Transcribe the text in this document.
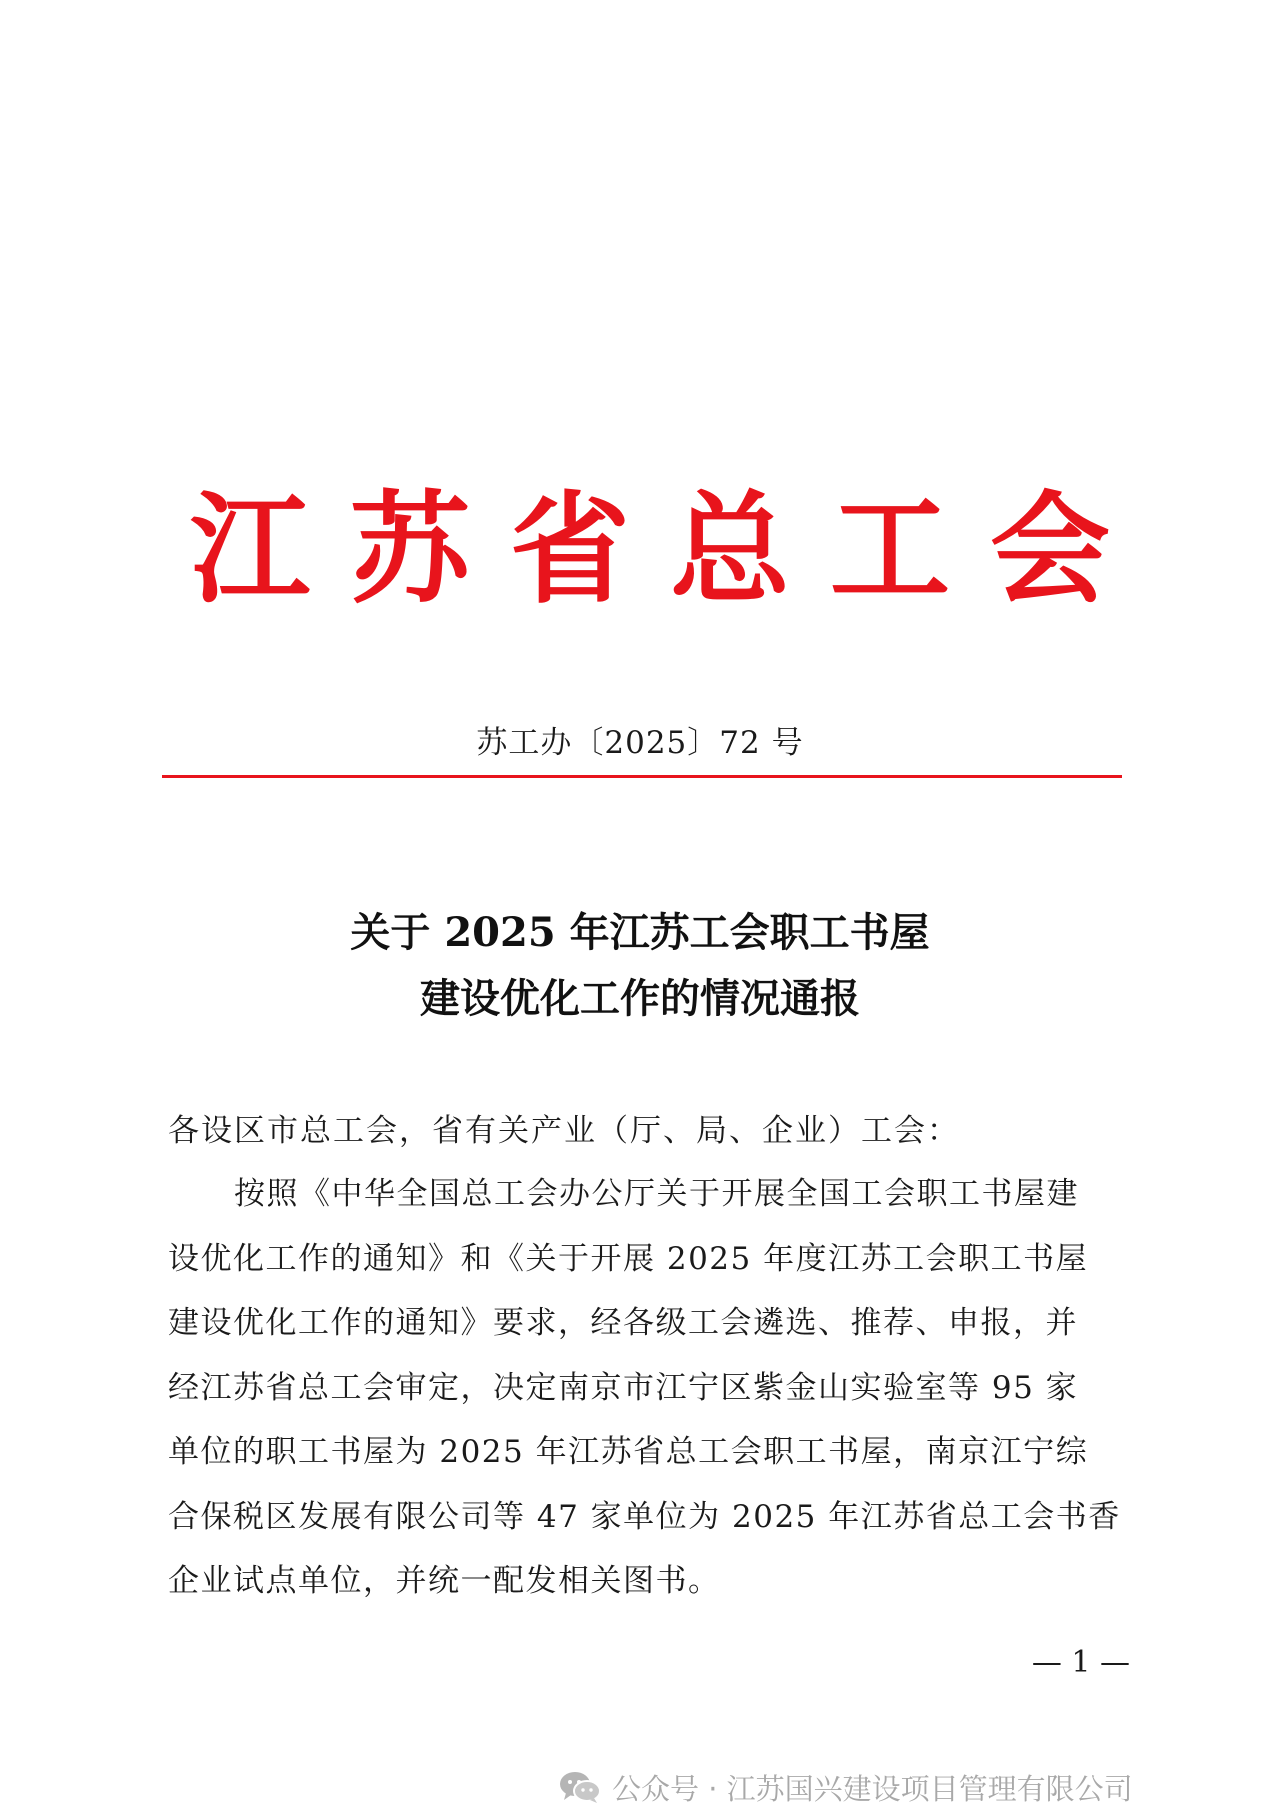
江 苏 省 总 工 会
苏工办〔2025〕72 号
关于 2025 年江苏工会职工书屋
建设优化工作的情况通报
各设区市总工会，省有关产业（厅、局、企业）工会：
按照《中华全国总工会办公厅关于开展全国工会职工书屋建
设优化工作的通知》和《关于开展 2025 年度江苏工会职工书屋
建设优化工作的通知》要求，经各级工会遴选、推荐、申报，并
经江苏省总工会审定，决定南京市江宁区紫金山实验室等 95 家
单位的职工书屋为 2025 年江苏省总工会职工书屋，南京江宁综
合保税区发展有限公司等 47 家单位为 2025 年江苏省总工会书香
企业试点单位，并统一配发相关图书。
— 1 —
公众号 · 江苏国兴建设项目管理有限公司
